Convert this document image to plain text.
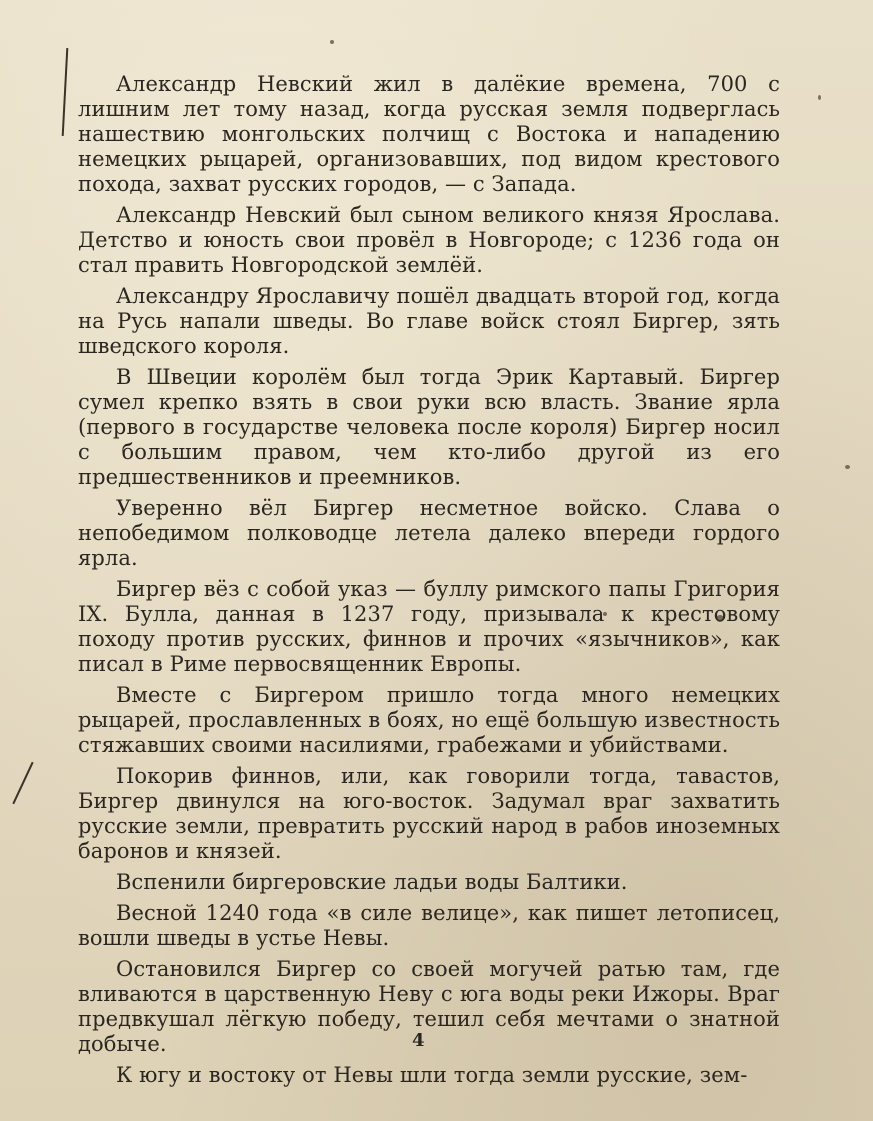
Александр Невский жил в далёкие времена, 700 с лишним лет тому назад, когда русская земля подверглась нашествию монгольских полчищ с Востока и нападению немецких рыцарей, организовавших, под видом крестового похода, захват русских городов, — с Запада.

Александр Невский был сыном великого князя Ярослава. Детство и юность свои провёл в Новгороде; с 1236 года он стал править Новгородской землёй.

Александру Ярославичу пошёл двадцать второй год, когда на Русь напали шведы. Во главе войск стоял Биргер, зять шведского короля.

В Швеции королём был тогда Эрик Картавый. Биргер сумел крепко взять в свои руки всю власть. Звание ярла (первого в государстве человека после короля) Биргер носил с большим правом, чем кто-либо другой из его предшественников и преемников.

Уверенно вёл Биргер несметное войско. Слава о непобедимом полководце летела далеко впереди гордого ярла.

Биргер вёз с собой указ — буллу римского папы Григория IX. Булла, данная в 1237 году, призывала к крестовому походу против русских, финнов и прочих «язычников», как писал в Риме первосвященник Европы.

Вместе с Биргером пришло тогда много немецких рыцарей, прославленных в боях, но ещё большую известность стяжавших своими насилиями, грабежами и убийствами.

Покорив финнов, или, как говорили тогда, тавастов, Биргер двинулся на юго-восток. Задумал враг захватить русские земли, превратить русский народ в рабов иноземных баронов и князей.

Вспенили биргеровские ладьи воды Балтики.

Весной 1240 года «в силе велице», как пишет летописец, вошли шведы в устье Невы.

Остановился Биргер со своей могучей ратью там, где вливаются в царственную Неву с юга воды реки Ижоры. Враг предвкушал лёгкую победу, тешил себя мечтами о знатной добыче.

К югу и востоку от Невы шли тогда земли русские, зем-

4
